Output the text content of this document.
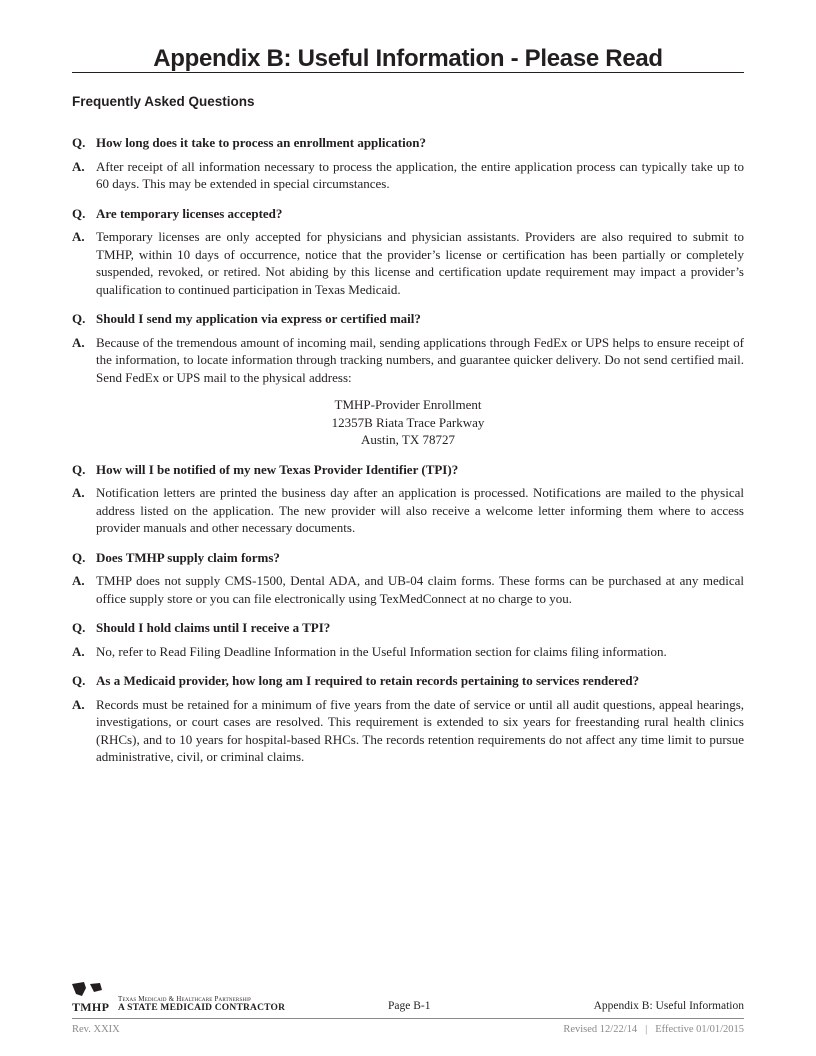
Appendix B: Useful Information - Please Read
Frequently Asked Questions
Q. How long does it take to process an enrollment application?
A. After receipt of all information necessary to process the application, the entire application process can typically take up to 60 days. This may be extended in special circumstances.
Q. Are temporary licenses accepted?
A. Temporary licenses are only accepted for physicians and physician assistants. Providers are also required to submit to TMHP, within 10 days of occurrence, notice that the provider’s license or certification has been partially or completely suspended, revoked, or retired. Not abiding by this license and certification update requirement may impact a provider’s qualification to continued participation in Texas Medicaid.
Q. Should I send my application via express or certified mail?
A. Because of the tremendous amount of incoming mail, sending applications through FedEx or UPS helps to ensure receipt of the information, to locate information through tracking numbers, and guarantee quicker delivery. Do not send certified mail. Send FedEx or UPS mail to the physical address:
TMHP-Provider Enrollment
12357B Riata Trace Parkway
Austin, TX 78727
Q. How will I be notified of my new Texas Provider Identifier (TPI)?
A. Notification letters are printed the business day after an application is processed. Notifications are mailed to the physical address listed on the application. The new provider will also receive a welcome letter informing them where to access provider manuals and other necessary documents.
Q. Does TMHP supply claim forms?
A. TMHP does not supply CMS-1500, Dental ADA, and UB-04 claim forms. These forms can be purchased at any medical office supply store or you can file electronically using TexMedConnect at no charge to you.
Q. Should I hold claims until I receive a TPI?
A. No, refer to Read Filing Deadline Information in the Useful Information section for claims filing information.
Q. As a Medicaid provider, how long am I required to retain records pertaining to services rendered?
A. Records must be retained for a minimum of five years from the date of service or until all audit questions, appeal hearings, investigations, or court cases are resolved. This requirement is extended to six years for freestanding rural health clinics (RHCs), and to 10 years for hospital-based RHCs. The records retention requirements do not affect any time limit to pursue administrative, civil, or criminal claims.
TMHP
Texas Medicaid & Healthcare Partnership
A STATE MEDICAID CONTRACTOR	Page B-1	Appendix B: Useful Information
Rev. XXIX	Revised 12/22/14 | Effective 01/01/2015
